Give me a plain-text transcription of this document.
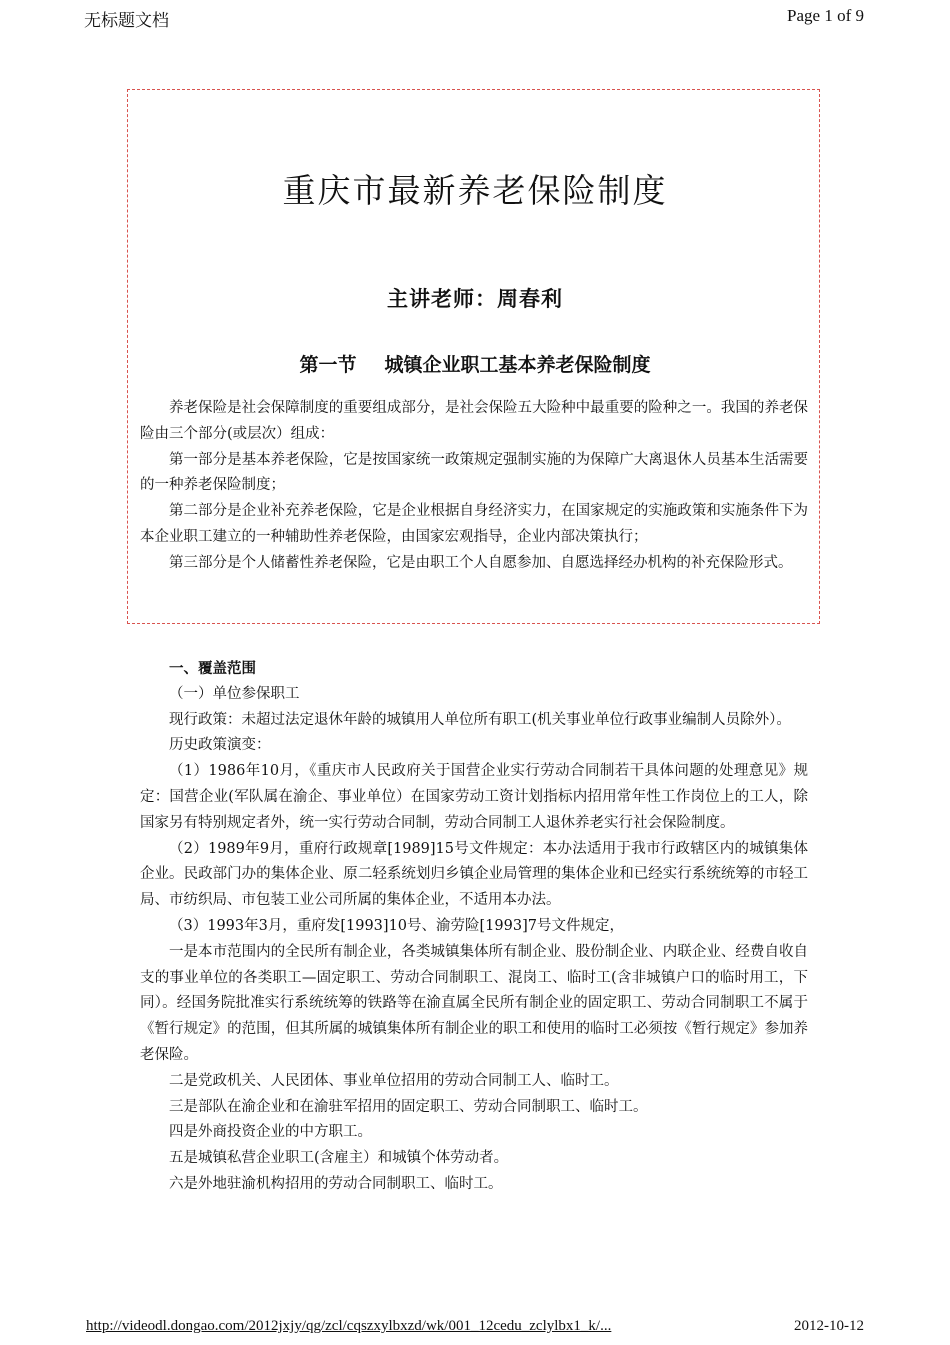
无标题文档	Page 1 of 9
重庆市最新养老保险制度
主讲老师：周春利
第一节 城镇企业职工基本养老保险制度

养老保险是社会保障制度的重要组成部分，是社会保险五大险种中最重要的险种之一。我国的养老保险由三个部分(或层次）组成：

第一部分是基本养老保险，它是按国家统一政策规定强制实施的为保障广大离退休人员基本生活需要的一种养老保险制度；

第二部分是企业补充养老保险，它是企业根据自身经济实力，在国家规定的实施政策和实施条件下为本企业职工建立的一种辅助性养老保险，由国家宏观指导，企业内部决策执行；

第三部分是个人储蓄性养老保险，它是由职工个人自愿参加、自愿选择经办机构的补充保险形式。

一、覆盖范围

（一）单位参保职工

现行政策：未超过法定退休年龄的城镇用人单位所有职工(机关事业单位行政事业编制人员除外）。

历史政策演变：

（1）1986年10月，《重庆市人民政府关于国营企业实行劳动合同制若干具体问题的处理意见》规定：国营企业(军队属在渝企、事业单位）在国家劳动工资计划指标内招用常年性工作岗位上的工人，除国家另有特别规定者外，统一实行劳动合同制，劳动合同制工人退休养老实行社会保险制度。

（2）1989年9月，重府行政规章[1989]15号文件规定：本办法适用于我市行政辖区内的城镇集体企业。民政部门办的集体企业、原二轻系统划归乡镇企业局管理的集体企业和已经实行系统统筹的市轻工局、市纺织局、市包装工业公司所属的集体企业，不适用本办法。

（3）1993年3月，重府发[1993]10号、渝劳险[1993]7号文件规定，

一是本市范围内的全民所有制企业，各类城镇集体所有制企业、股份制企业、内联企业、经费自收自支的事业单位的各类职工—固定职工、劳动合同制职工、混岗工、临时工(含非城镇户口的临时用工，下同）。经国务院批准实行系统统筹的铁路等在渝直属全民所有制企业的固定职工、劳动合同制职工不属于《暂行规定》的范围，但其所属的城镇集体所有制企业的职工和使用的临时工必须按《暂行规定》参加养老保险。

二是党政机关、人民团体、事业单位招用的劳动合同制工人、临时工。

三是部队在渝企业和在渝驻军招用的固定职工、劳动合同制职工、临时工。

四是外商投资企业的中方职工。

五是城镇私营企业职工(含雇主）和城镇个体劳动者。

六是外地驻渝机构招用的劳动合同制职工、临时工。

http://videodl.dongao.com/2012jxjy/qg/zcl/cqszxylbxzd/wk/001_12cedu_zclylbx1_k/...	2012-10-12
